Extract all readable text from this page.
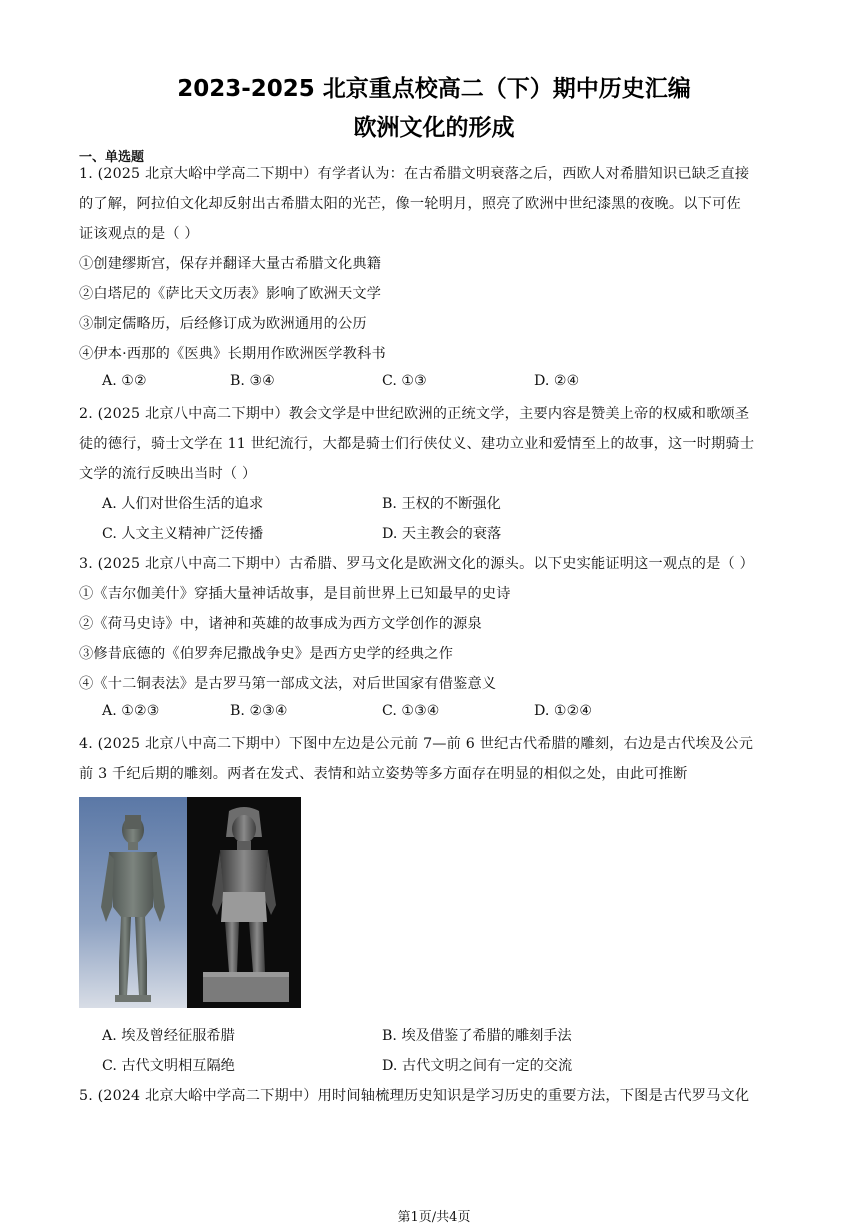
2023-2025 北京重点校高二（下）期中历史汇编
欧洲文化的形成
一、单选题
1. (2025 北京大峪中学高二下期中）有学者认为：在古希腊文明衰落之后，西欧人对希腊知识已缺乏直接
的了解，阿拉伯文化却反射出古希腊太阳的光芒，像一轮明月，照亮了欧洲中世纪漆黑的夜晚。以下可佐
证该观点的是（ ）
①创建缪斯宫，保存并翻译大量古希腊文化典籍
②白塔尼的《萨比天文历表》影响了欧洲天文学
③制定儒略历，后经修订成为欧洲通用的公历
④伊本·西那的《医典》长期用作欧洲医学教科书
A. ①②	B. ③④	C. ①③	D. ②④
2. (2025 北京八中高二下期中）教会文学是中世纪欧洲的正统文学，主要内容是赞美上帝的权威和歌颂圣
徒的德行，骑士文学在 11 世纪流行，大都是骑士们行侠仗义、建功立业和爱情至上的故事，这一时期骑士
文学的流行反映出当时（ ）
A. 人们对世俗生活的追求	B. 王权的不断强化
C. 人文主义精神广泛传播	D. 天主教会的衰落
3. (2025 北京八中高二下期中）古希腊、罗马文化是欧洲文化的源头。以下史实能证明这一观点的是（ ）
①《吉尔伽美什》穿插大量神话故事，是目前世界上已知最早的史诗
②《荷马史诗》中，诸神和英雄的故事成为西方文学创作的源泉
③修昔底德的《伯罗奔尼撒战争史》是西方史学的经典之作
④《十二铜表法》是古罗马第一部成文法，对后世国家有借鉴意义
A. ①②③	B. ②③④	C. ①③④	D. ①②④
4. (2025 北京八中高二下期中）下图中左边是公元前 7—前 6 世纪古代希腊的雕刻，右边是古代埃及公元
前 3 千纪后期的雕刻。两者在发式、表情和站立姿势等多方面存在明显的相似之处，由此可推断
A. 埃及曾经征服希腊	B. 埃及借鉴了希腊的雕刻手法
C. 古代文明相互隔绝	D. 古代文明之间有一定的交流
5. (2024 北京大峪中学高二下期中）用时间轴梳理历史知识是学习历史的重要方法，下图是古代罗马文化
第1页/共4页
